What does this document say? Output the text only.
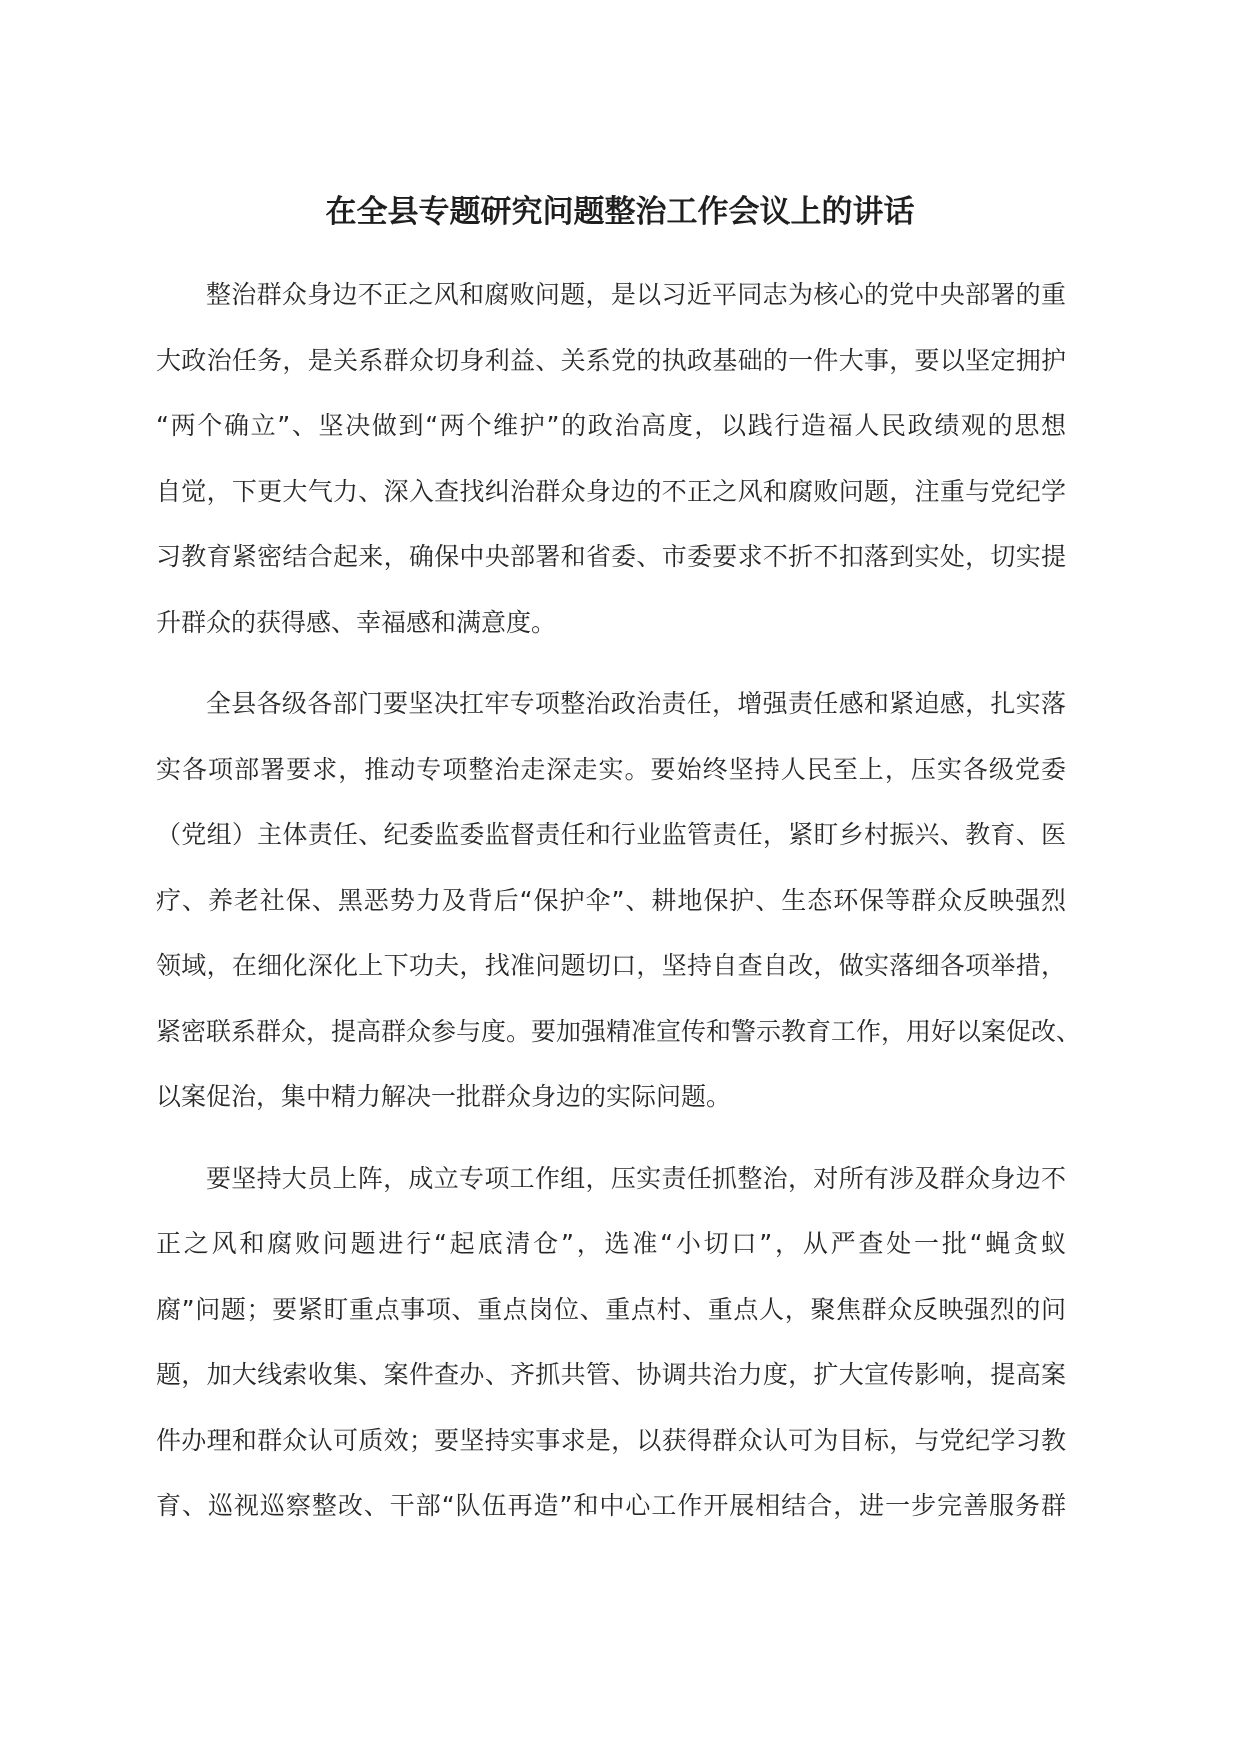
在全县专题研究问题整治工作会议上的讲话
整治群众身边不正之风和腐败问题，是以习近平同志为核心的党中央部署的重
大政治任务，是关系群众切身利益、关系党的执政基础的一件大事，要以坚定拥护
“两个确立”、坚决做到“两个维护”的政治高度，以践行造福人民政绩观的思想
自觉，下更大气力、深入查找纠治群众身边的不正之风和腐败问题，注重与党纪学
习教育紧密结合起来，确保中央部署和省委、市委要求不折不扣落到实处，切实提
升群众的获得感、幸福感和满意度。
全县各级各部门要坚决扛牢专项整治政治责任，增强责任感和紧迫感，扎实落
实各项部署要求，推动专项整治走深走实。要始终坚持人民至上，压实各级党委
（党组）主体责任、纪委监委监督责任和行业监管责任，紧盯乡村振兴、教育、医
疗、养老社保、黑恶势力及背后“保护伞”、耕地保护、生态环保等群众反映强烈
领域，在细化深化上下功夫，找准问题切口，坚持自查自改，做实落细各项举措，
紧密联系群众，提高群众参与度。要加强精准宣传和警示教育工作，用好以案促改、
以案促治，集中精力解决一批群众身边的实际问题。
要坚持大员上阵，成立专项工作组，压实责任抓整治，对所有涉及群众身边不
正之风和腐败问题进行“起底清仓”，选准“小切口”，从严查处一批“蝇贪蚁
腐”问题；要紧盯重点事项、重点岗位、重点村、重点人，聚焦群众反映强烈的问
题，加大线索收集、案件查办、齐抓共管、协调共治力度，扩大宣传影响，提高案
件办理和群众认可质效；要坚持实事求是，以获得群众认可为目标，与党纪学习教
育、巡视巡察整改、干部“队伍再造”和中心工作开展相结合，进一步完善服务群
